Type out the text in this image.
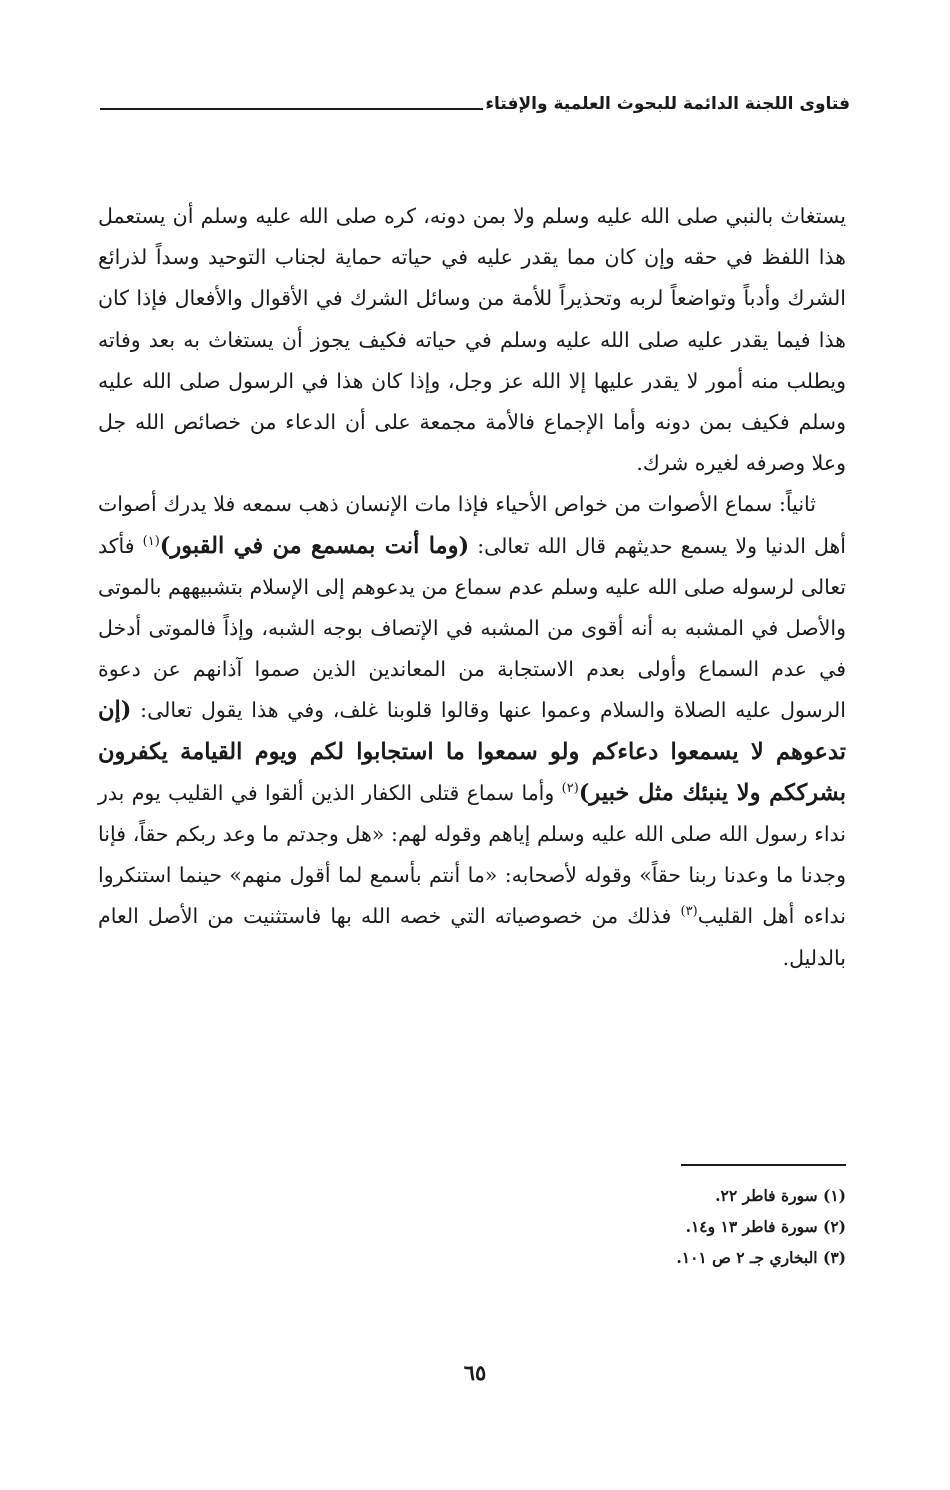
فتاوى اللجنة الدائمة للبحوث العلمية والإفتاء

يستغاث بالنبي صلى الله عليه وسلم ولا بمن دونه، كره صلى الله عليه وسلم أن يستعمل هذا اللفظ في حقه وإن كان مما يقدر عليه في حياته حماية لجناب التوحيد وسداً لذرائع الشرك وأدباً وتواضعاً لربه وتحذيراً للأمة من وسائل الشرك في الأقوال والأفعال فإذا كان هذا فيما يقدر عليه صلى الله عليه وسلم في حياته فكيف يجوز أن يستغاث به بعد وفاته ويطلب منه أمور لا يقدر عليها إلا الله عز وجل، وإذا كان هذا في الرسول صلى الله عليه وسلم فكيف بمن دونه وأما الإجماع فالأمة مجمعة على أن الدعاء من خصائص الله جل وعلا وصرفه لغيره شرك.

ثانياً: سماع الأصوات من خواص الأحياء فإذا مات الإنسان ذهب سمعه فلا يدرك أصوات أهل الدنيا ولا يسمع حديثهم قال الله تعالى: (وما أنت بمسمع من في القبور)$^{(١)}$ فأكد تعالى لرسوله صلى الله عليه وسلم عدم سماع من يدعوهم إلى الإسلام بتشبيههم بالموتى والأصل في المشبه به أنه أقوى من المشبه في الإتصاف بوجه الشبه، وإذاً فالموتى أدخل في عدم السماع وأولى بعدم الاستجابة من المعاندين الذين صموا آذانهم عن دعوة الرسول عليه الصلاة والسلام وعموا عنها وقالوا قلوبنا غلف، وفي هذا يقول تعالى: (إن تدعوهم لا يسمعوا دعاءكم ولو سمعوا ما استجابوا لكم ويوم القيامة يكفرون بشرككم ولا ينبئك مثل خبير)$^{(٢)}$ وأما سماع قتلى الكفار الذين ألقوا في القليب يوم بدر نداء رسول الله صلى الله عليه وسلم إياهم وقوله لهم: «هل وجدتم ما وعد ربكم حقاً، فإنا وجدنا ما وعدنا ربنا حقاً» وقوله لأصحابه: «ما أنتم بأسمع لما أقول منهم» حينما استنكروا نداءه أهل القليب$^{(٣)}$ فذلك من خصوصياته التي خصه الله بها فاستثنيت من الأصل العام بالدليل.

(١) سورة فاطر ٢٢.
(٢) سورة فاطر ١٣ و١٤.
(٣) البخاري جـ ٢ ص ١٠١.
٦٥
